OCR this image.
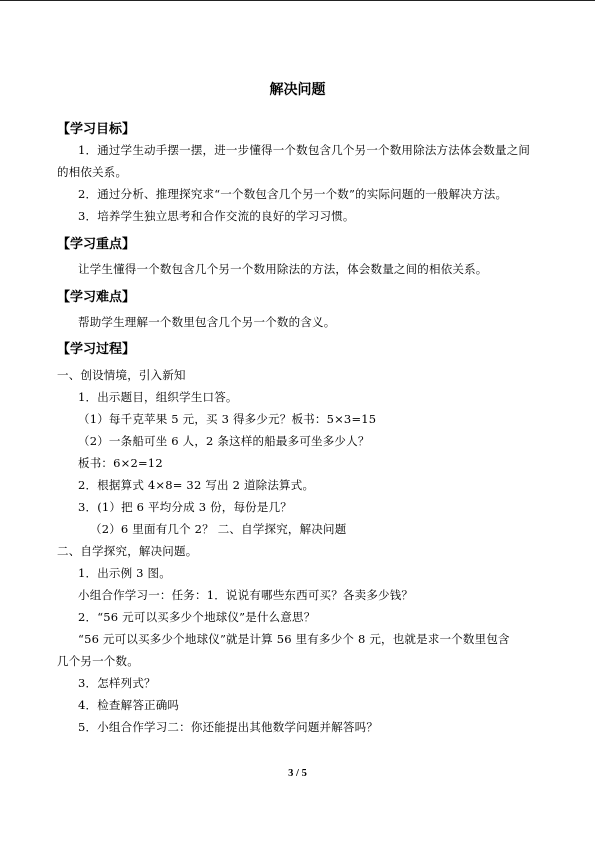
解决问题
【学习目标】
1．通过学生动手摆一摆，进一步懂得一个数包含几个另一个数用除法方法体会数量之间
的相依关系。
2．通过分析、推理探究求“一个数包含几个另一个数”的实际问题的一般解决方法。
3．培养学生独立思考和合作交流的良好的学习习惯。
【学习重点】
让学生懂得一个数包含几个另一个数用除法的方法，体会数量之间的相依关系。
【学习难点】
帮助学生理解一个数里包含几个另一个数的含义。
【学习过程】
一、创设情境，引入新知
1．出示题目，组织学生口答。
（1）每千克苹果 5 元，买 3 得多少元？板书：5×3=15
（2）一条船可坐 6 人，2 条这样的船最多可坐多少人？
板书：6×2=12
2．根据算式 4×8= 32 写出 2 道除法算式。
3．(1）把 6 平均分成 3 份，每份是几？
（2）6 里面有几个 2？ 二、自学探究，解决问题
二、自学探究，解决问题。
1．出示例 3 图。
小组合作学习一：任务：1．说说有哪些东西可买？各卖多少钱？
2．“56 元可以买多少个地球仪”是什么意思？
“56 元可以买多少个地球仪”就是计算 56 里有多少个 8 元，也就是求一个数里包含
几个另一个数。
3．怎样列式？
4．检查解答正确吗
5．小组合作学习二：你还能提出其他数学问题并解答吗？
3 / 5
